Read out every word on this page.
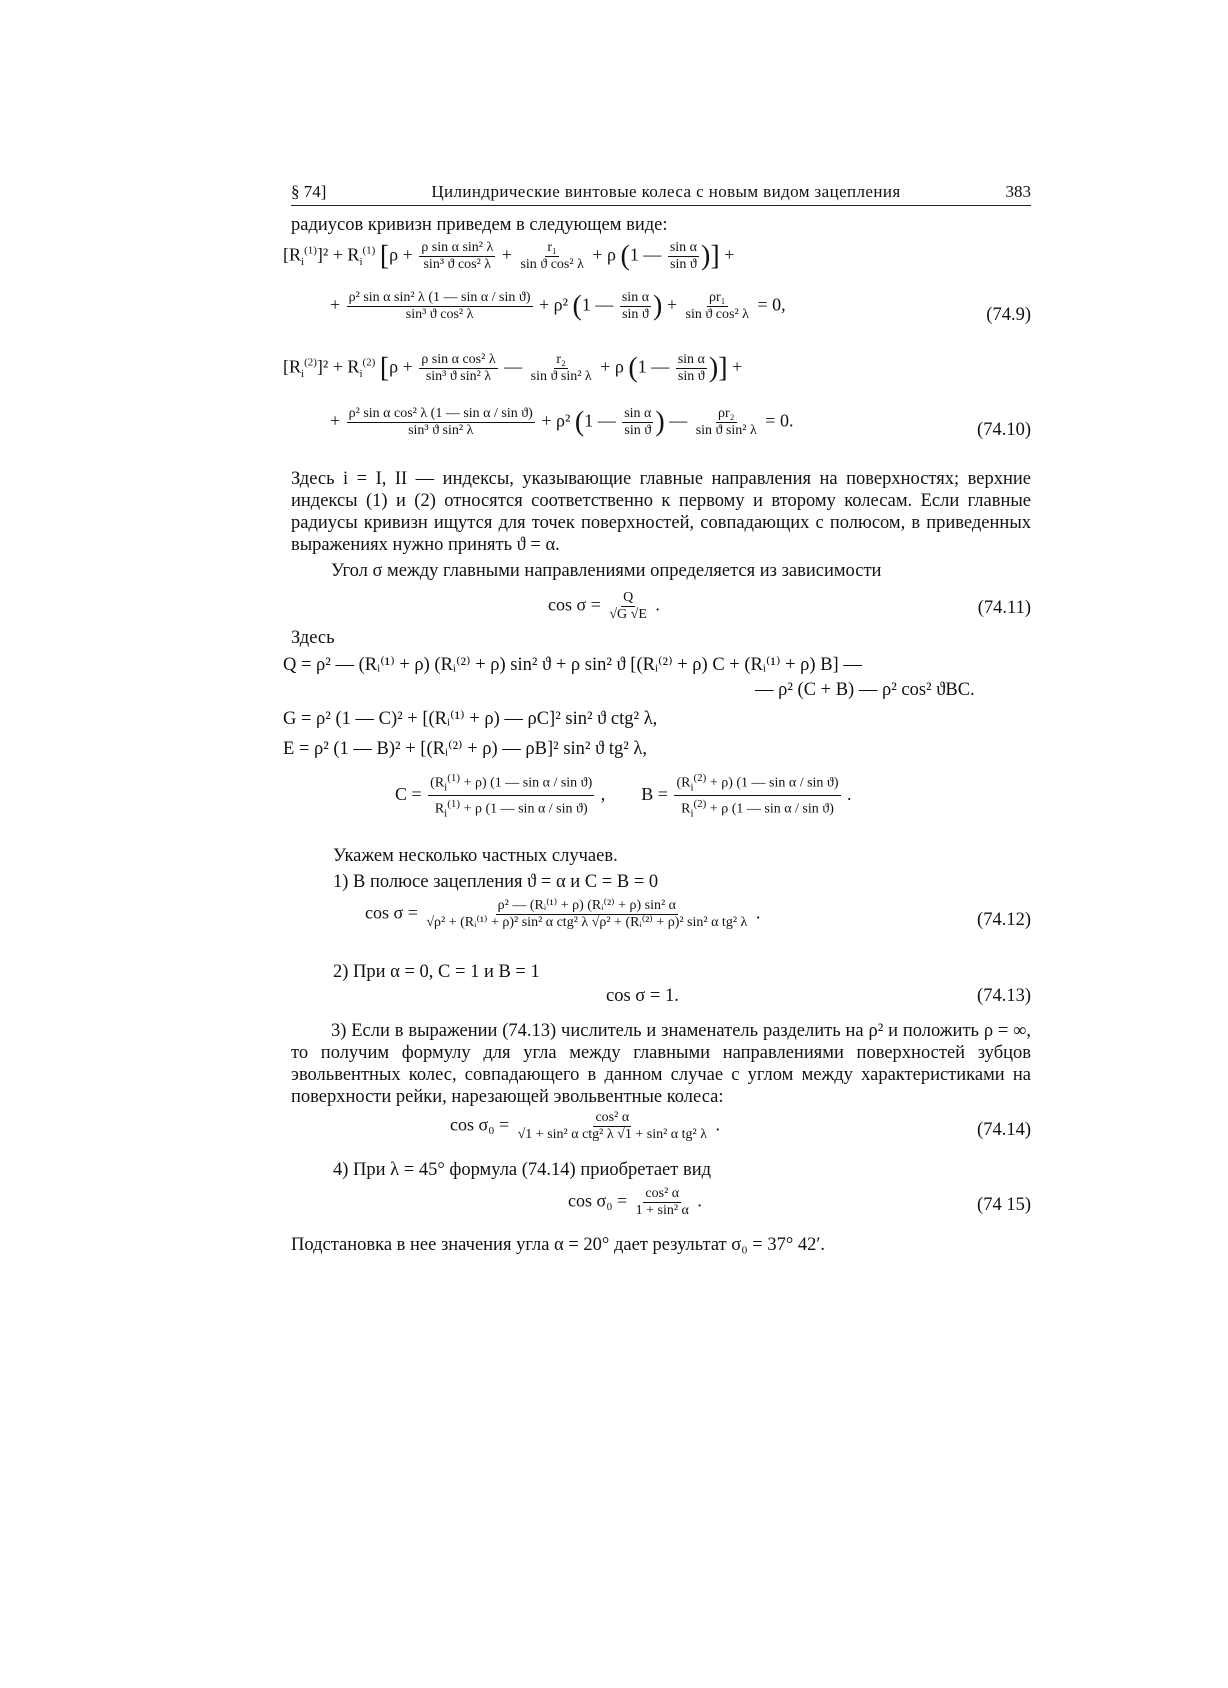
§ 74]	Цилиндрические винтовые колеса с новым видом зацепления	383
радиусов кривизн приведем в следующем виде:
$[R_i^{(1)}]^2 + R_i^{(1)}$ [$\rho + \frac{\text{ρ sin α sin² λ}}{\text{sin³ ϑ cos² λ}} + \frac{\text{r₁}}{\text{sin ϑ cos² λ}} + \rho$ (1 — $\frac{\text{sin α}}{\text{sin ϑ}}$ )] +
+ $\frac{\text{ρ² sin α sin² λ (1 — sin α / sin ϑ)}}{\text{sin³ ϑ cos² λ}} + \rho^2$ (1 — $\frac{\text{sin α}}{\text{sin ϑ}}$ ) + $\frac{\text{ρr₁}}{\text{sin ϑ cos² λ}} = 0$,
(74.9)
$[R_i^{(2)}]^2 + R_i^{(2)}$ [$\rho + \frac{\text{ρ sin α cos² λ}}{\text{sin³ ϑ sin² λ}}$ — $\frac{\text{r₂}}{\text{sin ϑ sin² λ}} + \rho$ (1 — $\frac{\text{sin α}}{\text{sin ϑ}}$ )] +
+ $\frac{\text{ρ² sin α cos² λ (1 — sin α / sin ϑ)}}{\text{sin³ ϑ sin² λ}} + \rho^2$ (1 — $\frac{\text{sin α}}{\text{sin ϑ}}$ ) — $\frac{\text{ρr₂}}{\text{sin ϑ sin² λ}} = 0$.	(74.10)
Здесь i = I, II — индексы, указывающие главные направления на поверхностях; верхние индексы (1) и (2) относятся соответственно к первому и второму колесам. Если главные радиусы кривизн ищутся для точек поверхностей, совпадающих с полюсом, в приведенных выражениях нужно принять ϑ = α.
Угол σ между главными направлениями определяется из зависимости
$\cos \sigma = \frac{Q}{√G √E}$ .	(74.11)
Здесь
Q = ρ² — (Rᵢ⁽¹⁾ + ρ) (Rᵢ⁽²⁾ + ρ) sin² ϑ + ρ sin² ϑ [(Rᵢ⁽²⁾ + ρ) C + (Rᵢ⁽¹⁾ + ρ) B] —
— ρ² (C + B) — ρ² cos² ϑBC.
G = ρ² (1 — C)² + [(Rᵢ⁽¹⁾ + ρ) — ρC]² sin² ϑ ctg² λ,
E = ρ² (1 — B)² + [(Rᵢ⁽²⁾ + ρ) — ρB]² sin² ϑ tg² λ,
$C = \frac{(R_i^{(1)} + \rho) (1 — \sin \alpha / \sin ϑ)}{R_i^{(1)} + \rho (1 — \sin \alpha / \sin ϑ)}$ ,        $B = \frac{(R_i^{(2)} + \rho) (1 — \sin \alpha / \sin ϑ)}{R_i^{(2)} + \rho (1 — \sin \alpha / \sin ϑ)}$ .
Укажем несколько частных случаев.
1) В полюсе зацепления ϑ = α и C = B = 0
cos σ =	ρ² — (Rᵢ⁽¹⁾ + ρ) (Rᵢ⁽²⁾ + ρ) sin² α
√ρ² + (Rᵢ⁽¹⁾ + ρ)² sin² α ctg² λ √ρ² + (Rᵢ⁽²⁾ + ρ)² sin² α tg² λ .	(74.12)
2) При α = 0, C = 1 и B = 1
cos σ = 1.	(74.13)
3) Если в выражении (74.13) числитель и знаменатель разделить на ρ² и положить ρ = ∞, то получим формулу для угла между главными направлениями поверхностей зубцов эвольвентных колес, совпадающего в данном случае с углом между характеристиками на поверхности рейки, нарезающей эвольвентные колеса:
$\cos \sigma_0 = \frac{\text{cos² α}}{\text{√1 + sin² α ctg² λ √1 + sin² α tg² λ}}$ .	(74.14)
4) При λ = 45° формула (74.14) приобретает вид
$\cos \sigma_0 = \frac{\text{cos² α}}{\text{1 + sin² α}}$ .	(74 15)
Подстановка в нее значения угла α = 20° дает результат σ₀ = 37° 42′.
